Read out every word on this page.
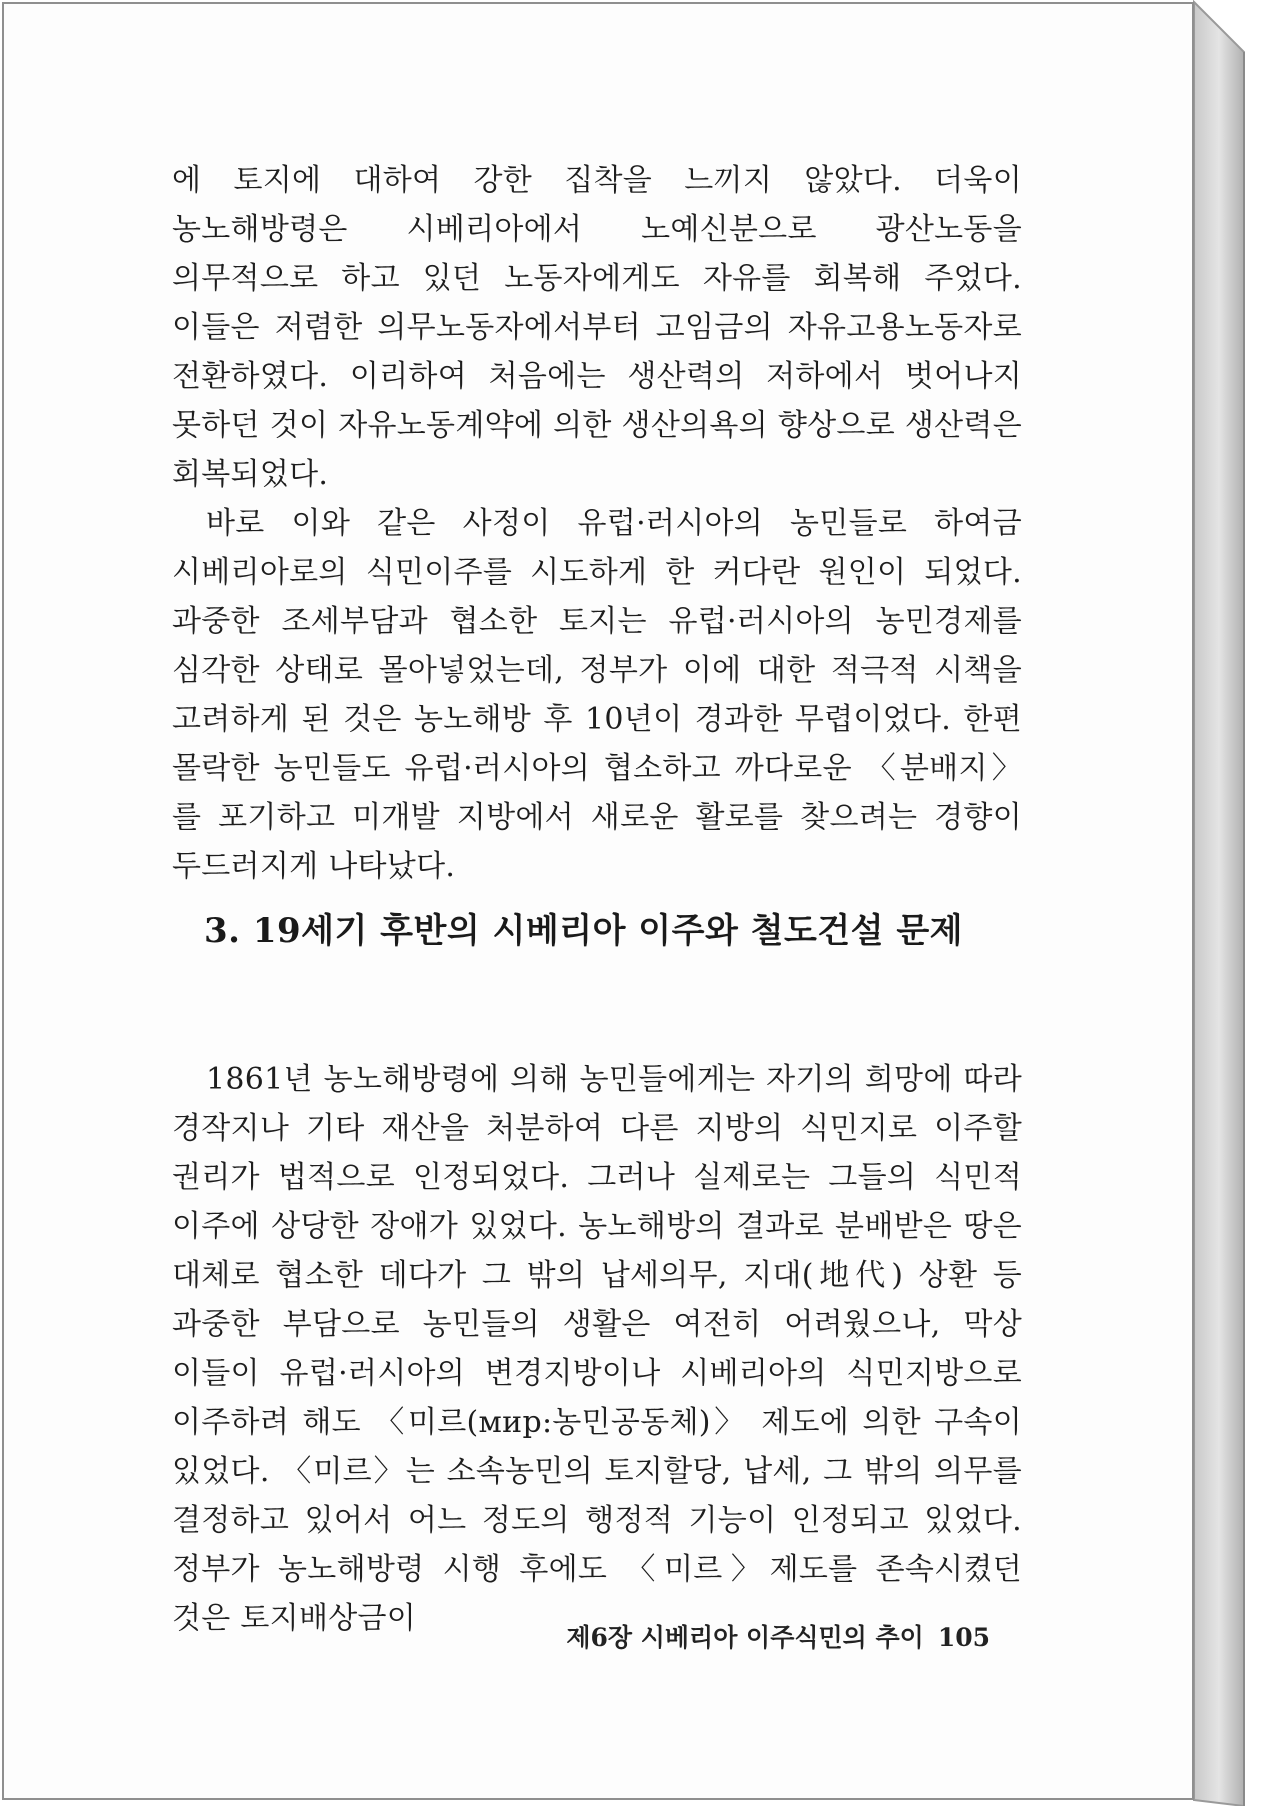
에 토지에 대하여 강한 집착을 느끼지 않았다. 더욱이 농노해방령은 시베리아에서 노예신분으로 광산노동을 의무적으로 하고 있던 노동자에게도 자유를 회복해 주었다. 이들은 저렴한 의무노동자에서부터 고임금의 자유고용노동자로 전환하였다. 이리하여 처음에는 생산력의 저하에서 벗어나지 못하던 것이 자유노동계약에 의한 생산의욕의 향상으로 생산력은 회복되었다.

바로 이와 같은 사정이 유럽·러시아의 농민들로 하여금 시베리아로의 식민이주를 시도하게 한 커다란 원인이 되었다. 과중한 조세부담과 협소한 토지는 유럽·러시아의 농민경제를 심각한 상태로 몰아넣었는데, 정부가 이에 대한 적극적 시책을 고려하게 된 것은 농노해방 후 10년이 경과한 무렵이었다. 한편 몰락한 농민들도 유럽·러시아의 협소하고 까다로운 〈분배지〉를 포기하고 미개발 지방에서 새로운 활로를 찾으려는 경향이 두드러지게 나타났다.

3. 19세기 후반의 시베리아 이주와 철도건설 문제

1861년 농노해방령에 의해 농민들에게는 자기의 희망에 따라 경작지나 기타 재산을 처분하여 다른 지방의 식민지로 이주할 권리가 법적으로 인정되었다. 그러나 실제로는 그들의 식민적 이주에 상당한 장애가 있었다. 농노해방의 결과로 분배받은 땅은 대체로 협소한 데다가 그 밖의 납세의무, 지대(地代) 상환 등 과중한 부담으로 농민들의 생활은 여전히 어려웠으나, 막상 이들이 유럽·러시아의 변경지방이나 시베리아의 식민지방으로 이주하려 해도 〈미르(мир:농민공동체)〉 제도에 의한 구속이 있었다. 〈미르〉는 소속농민의 토지할당, 납세, 그 밖의 의무를 결정하고 있어서 어느 정도의 행정적 기능이 인정되고 있었다. 정부가 농노해방령 시행 후에도 〈미르〉제도를 존속시켰던 것은 토지배상금이

제6장 시베리아 이주식민의 추이 105
